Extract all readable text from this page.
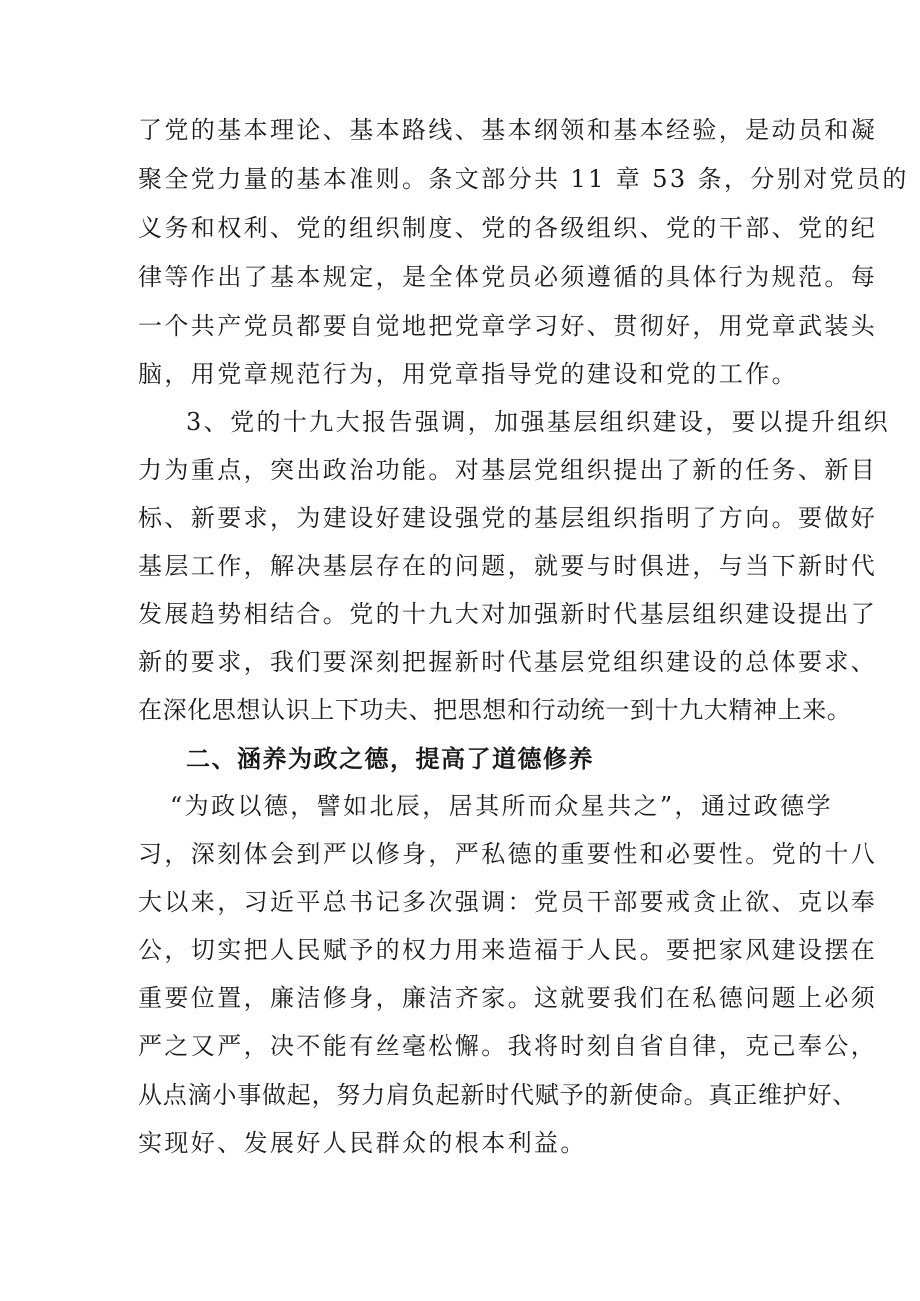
了党的基本理论、基本路线、基本纲领和基本经验，是动员和凝
聚全党力量的基本准则。条文部分共 11 章 53 条，分别对党员的
义务和权利、党的组织制度、党的各级组织、党的干部、党的纪
律等作出了基本规定，是全体党员必须遵循的具体行为规范。每
一个共产党员都要自觉地把党章学习好、贯彻好，用党章武装头
脑，用党章规范行为，用党章指导党的建设和党的工作。
3、党的十九大报告强调，加强基层组织建设，要以提升组织
力为重点，突出政治功能。对基层党组织提出了新的任务、新目
标、新要求，为建设好建设强党的基层组织指明了方向。要做好
基层工作，解决基层存在的问题，就要与时俱进，与当下新时代
发展趋势相结合。党的十九大对加强新时代基层组织建设提出了
新的要求，我们要深刻把握新时代基层党组织建设的总体要求、
在深化思想认识上下功夫、把思想和行动统一到十九大精神上来。
二、涵养为政之德，提高了道德修养
“为政以德，譬如北辰，居其所而众星共之”，通过政德学
习，深刻体会到严以修身，严私德的重要性和必要性。党的十八
大以来，习近平总书记多次强调：党员干部要戒贪止欲、克以奉
公，切实把人民赋予的权力用来造福于人民。要把家风建设摆在
重要位置，廉洁修身，廉洁齐家。这就要我们在私德问题上必须
严之又严，决不能有丝毫松懈。我将时刻自省自律，克己奉公，
从点滴小事做起，努力肩负起新时代赋予的新使命。真正维护好、
实现好、发展好人民群众的根本利益。
